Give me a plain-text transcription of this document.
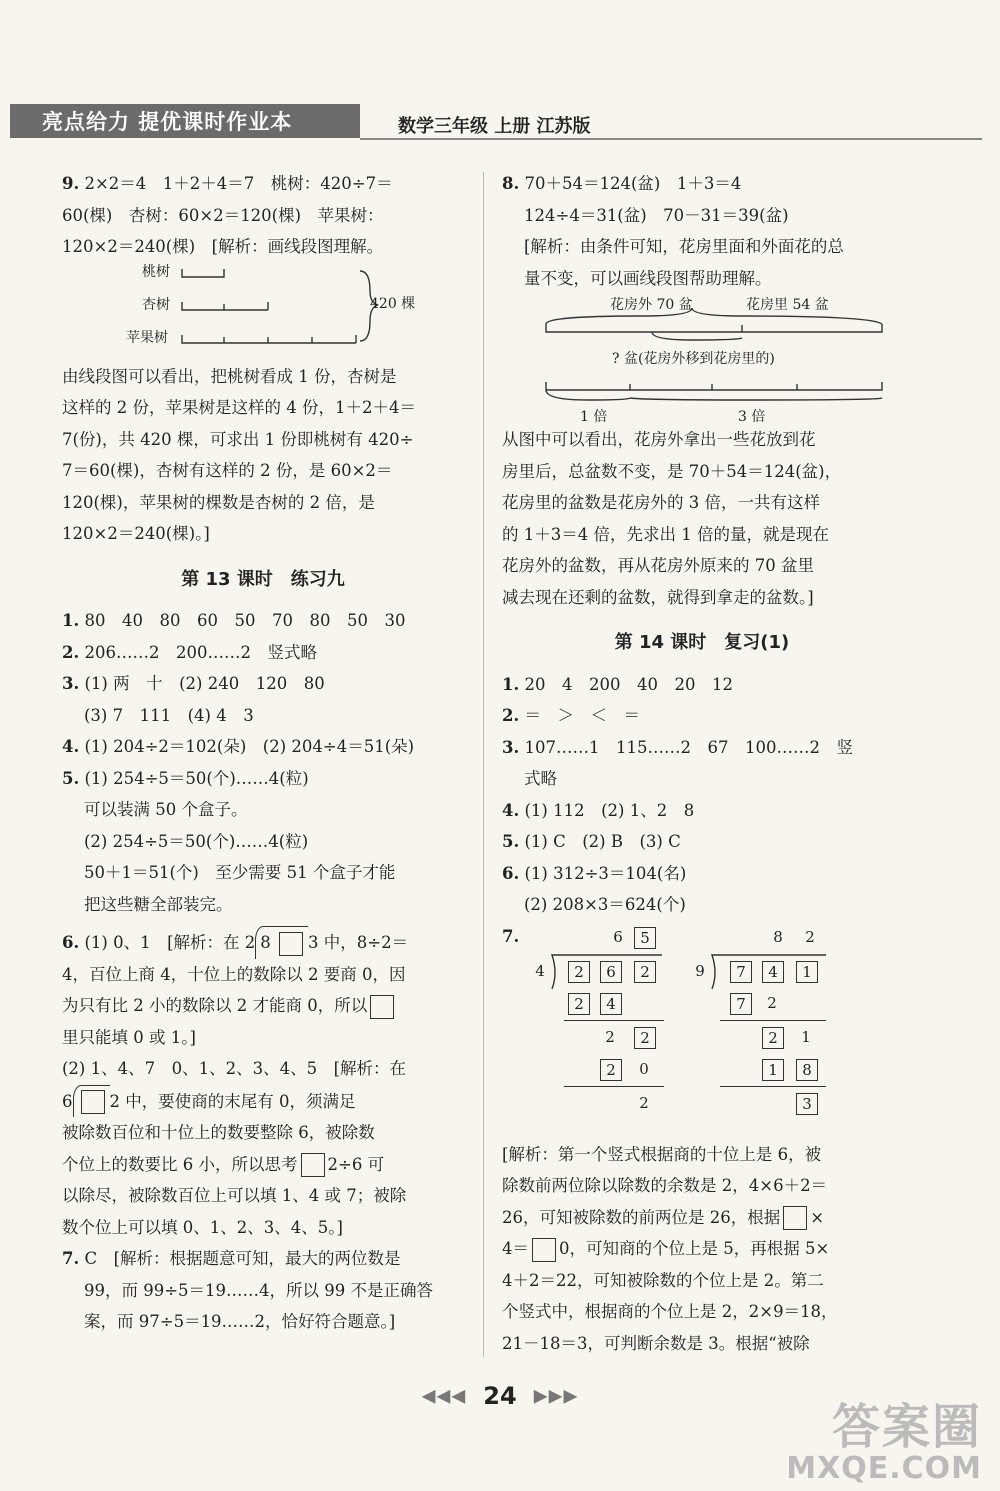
亮点给力 提优课时作业本	数学三年级 上册 江苏版
9. 2×2＝4　1＋2＋4＝7　桃树：420÷7＝
60(棵)　杏树：60×2＝120(棵)　苹果树：
120×2＝240(棵)　[解析：画线段图理解。
桃树
杏树
苹果树
420 棵
由线段图可以看出，把桃树看成 1 份，杏树是
这样的 2 份，苹果树是这样的 4 份，1＋2＋4＝
7(份)，共 420 棵，可求出 1 份即桃树有 420÷
7＝60(棵)，杏树有这样的 2 份，是 60×2＝
120(棵)，苹果树的棵数是杏树的 2 倍，是
120×2＝240(棵)。]
第 13 课时　练习九
1. 80　40　80　60　50　70　80　50　30
2. 206……2　200……2　竖式略
3. (1) 两　十　(2) 240　120　80
(3) 7　111　(4) 4　3
4. (1) 204÷2＝102(朵)　(2) 204÷4＝51(朵)
5. (1) 254÷5＝50(个)……4(粒)
可以装满 50 个盒子。
(2) 254÷5＝50(个)……4(粒)
50＋1＝51(个)　至少需要 51 个盒子才能
把这些糖全部装完。
6. (1) 0、1　[解析：在 2 8 3 中，8÷2＝
4，百位上商 4，十位上的数除以 2 要商 0，因
为只有比 2 小的数除以 2 才能商 0，所以
里只能填 0 或 1。]
(2) 1、4、7　0、1、2、3、4、5　[解析：在
6 2 中，要使商的末尾有 0，须满足
被除数百位和十位上的数要整除 6，被除数
个位上的数要比 6 小，所以思考 2÷6 可
以除尽，被除数百位上可以填 1、4 或 7；被除
数个位上可以填 0、1、2、3、4、5。]
7. C　[解析：根据题意可知，最大的两位数是
99，而 99÷5＝19……4，所以 99 不是正确答
案，而 97÷5＝19……2，恰好符合题意。]
8. 70＋54＝124(盆)　1＋3＝4
124÷4＝31(盆)　70－31＝39(盆)
[解析：由条件可知，花房里面和外面花的总
量不变，可以画线段图帮助理解。
花房外 70 盆	花房里 54 盆
? 盆(花房外移到花房里的)
1 倍	3 倍
从图中可以看出，花房外拿出一些花放到花
房里后，总盆数不变，是 70＋54＝124(盆)，
花房里的盆数是花房外的 3 倍，一共有这样
的 1＋3＝4 倍，先求出 1 倍的量，就是现在
花房外的盆数，再从花房外原来的 70 盆里
减去现在还剩的盆数，就得到拿走的盆数。]
第 14 课时　复习(1)
1. 20　4　200　40　20　12
2. ＝　＞　＜　＝
3. 107……1　115……2　67　100……2　竖
式略
4. (1) 112　(2) 1、2　8
5. (1) C　(2) B　(3) C
6. (1) 312÷3＝104(名)
(2) 208×3＝624(个)
7.	6	5
4	2	6	2
2	4
2	2
2	0
2
8	2
9	7	4	1
7	2
2	1
1	8
3
[解析：第一个竖式根据商的十位上是 6，被
除数前两位除以除数的余数是 2，4×6＋2＝
26，可知被除数的前两位是 26，根据 ×
4＝ 0，可知商的个位上是 5，再根据 5×
4＋2＝22，可知被除数的个位上是 2。第二
个竖式中，根据商的个位上是 2，2×9＝18，
21－18＝3，可判断余数是 3。根据“被除
◀◀◀ 24 ▶▶▶
答案圈
MXQE.COM
